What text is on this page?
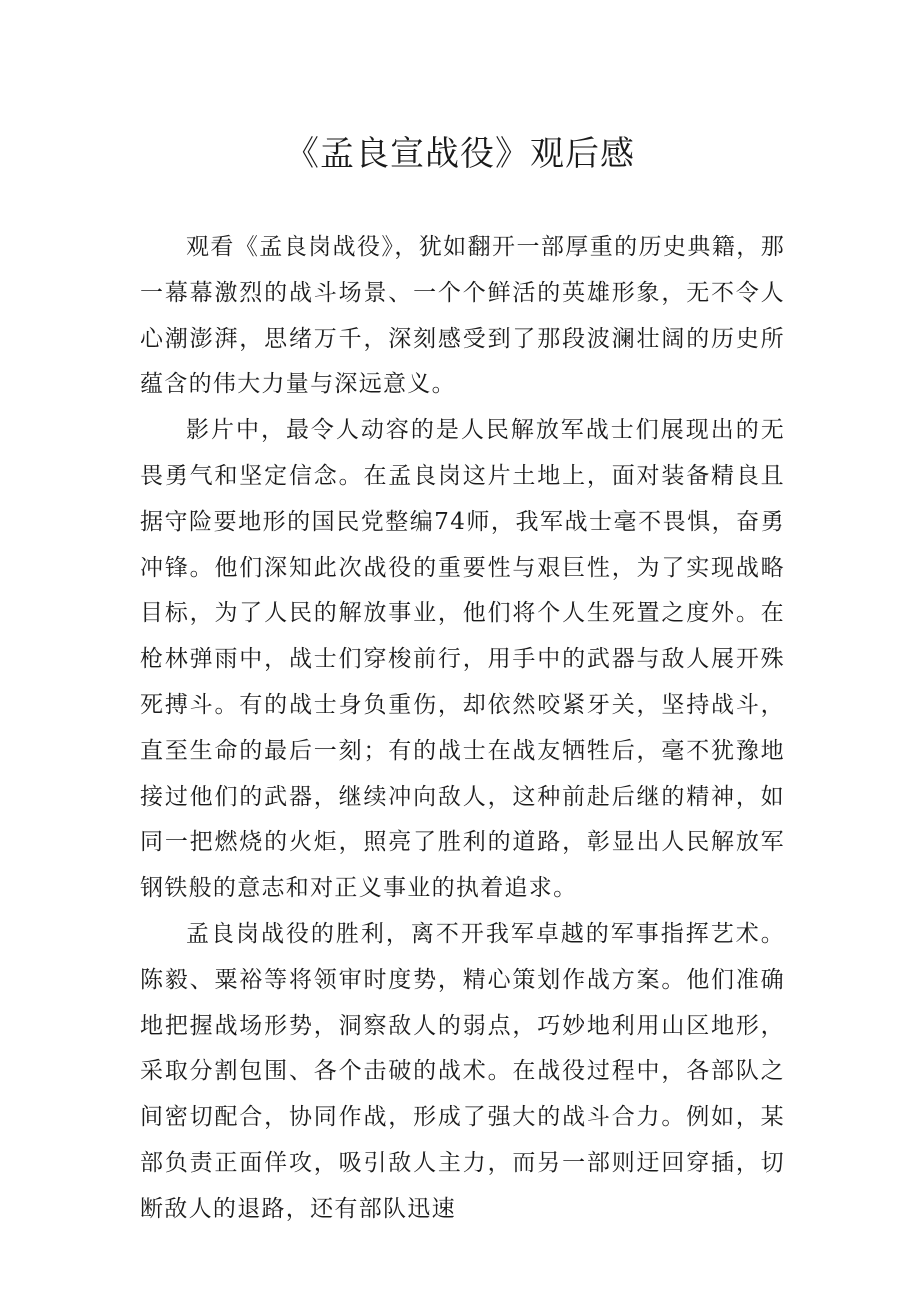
《孟良宣战役》观后感

观看《孟良岗战役》，犹如翻开一部厚重的历史典籍，那一幕幕激烈的战斗场景、一个个鲜活的英雄形象，无不令人心潮澎湃，思绪万千，深刻感受到了那段波澜壮阔的历史所蕴含的伟大力量与深远意义。

影片中，最令人动容的是人民解放军战士们展现出的无畏勇气和坚定信念。在孟良岗这片土地上，面对装备精良且据守险要地形的国民党整编74师，我军战士毫不畏惧，奋勇冲锋。他们深知此次战役的重要性与艰巨性，为了实现战略目标，为了人民的解放事业，他们将个人生死置之度外。在枪林弹雨中，战士们穿梭前行，用手中的武器与敌人展开殊死搏斗。有的战士身负重伤，却依然咬紧牙关，坚持战斗，直至生命的最后一刻；有的战士在战友牺牲后，毫不犹豫地接过他们的武器，继续冲向敌人，这种前赴后继的精神，如同一把燃烧的火炬，照亮了胜利的道路，彰显出人民解放军钢铁般的意志和对正义事业的执着追求。

孟良岗战役的胜利，离不开我军卓越的军事指挥艺术。陈毅、粟裕等将领审时度势，精心策划作战方案。他们准确地把握战场形势，洞察敌人的弱点，巧妙地利用山区地形，采取分割包围、各个击破的战术。在战役过程中，各部队之间密切配合，协同作战，形成了强大的战斗合力。例如，某部负责正面佯攻，吸引敌人主力，而另一部则迂回穿插，切断敌人的退路，还有部队迅速
